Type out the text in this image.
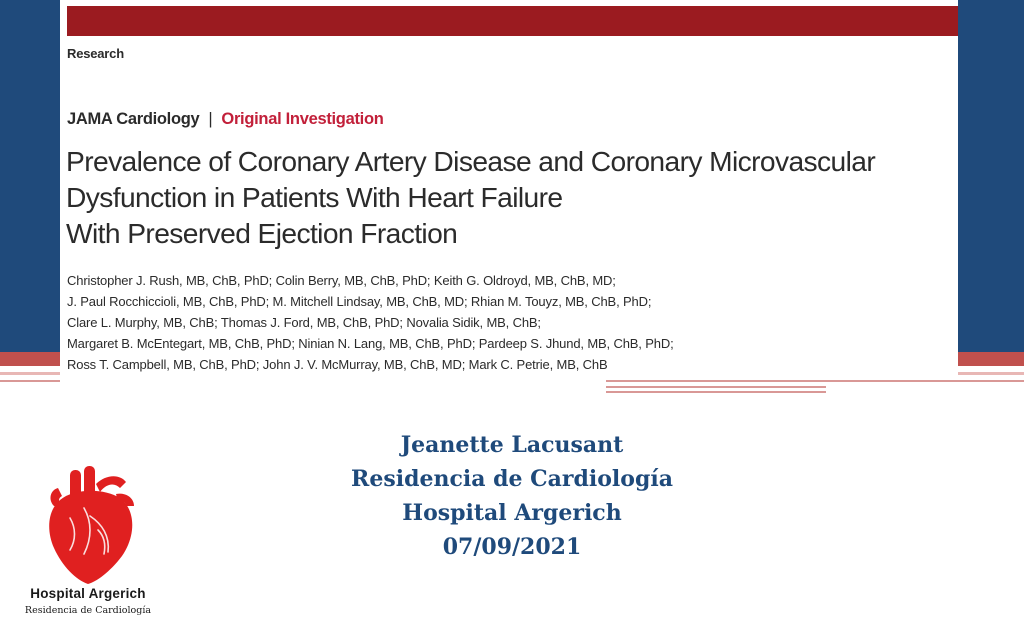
Research
JAMA Cardiology | Original Investigation
Prevalence of Coronary Artery Disease and Coronary Microvascular
Dysfunction in Patients With Heart Failure
With Preserved Ejection Fraction
Christopher J. Rush, MB, ChB, PhD; Colin Berry, MB, ChB, PhD; Keith G. Oldroyd, MB, ChB, MD;
J. Paul Rocchiccioli, MB, ChB, PhD; M. Mitchell Lindsay, MB, ChB, MD; Rhian M. Touyz, MB, ChB, PhD;
Clare L. Murphy, MB, ChB; Thomas J. Ford, MB, ChB, PhD; Novalia Sidik, MB, ChB;
Margaret B. McEntegart, MB, ChB, PhD; Ninian N. Lang, MB, ChB, PhD; Pardeep S. Jhund, MB, ChB, PhD;
Ross T. Campbell, MB, ChB, PhD; John J. V. McMurray, MB, ChB, MD; Mark C. Petrie, MB, ChB
Jeanette Lacusant
Residencia de Cardiología
Hospital Argerich
07/09/2021
Hospital Argerich
Residencia de Cardiología
